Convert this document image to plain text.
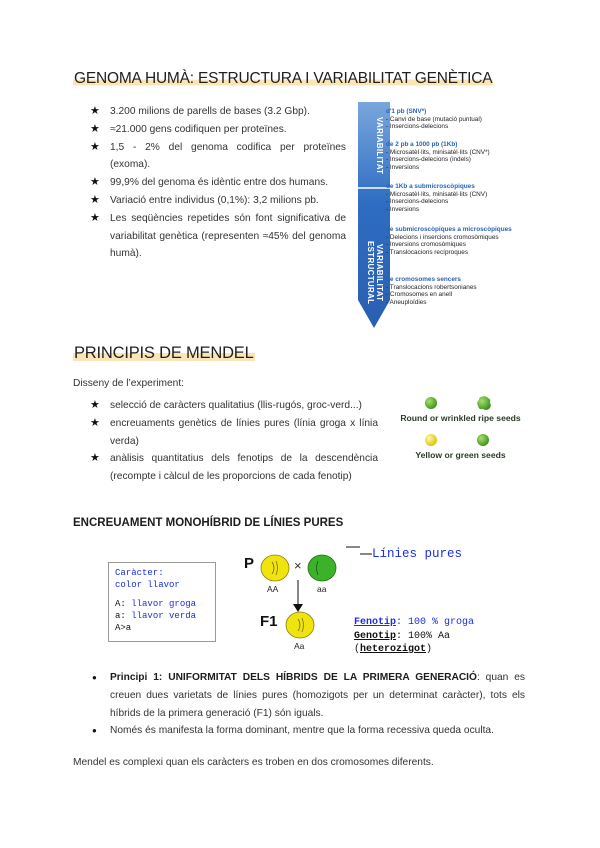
GENOMA HUMÀ: ESTRUCTURA I VARIABILITAT GENÈTICA
★ 3.200 milions de parells de bases (3.2 Gbp).
★ ≈21.000 gens codifiquen per proteïnes.
★ 1,5 - 2% del genoma codifica per proteïnes (exoma).
★ 99,9% del genoma és idèntic entre dos humans.
★ Variació entre individus (0,1%): 3,2 milions pb.
★ Les seqüències repetides són font significativa de variabilitat genètica (representen ≈45% del genoma humà).
VARIABILITAT
VARIABILITAT ESTRUCTURAL
d'1 pb (SNV*)
- Canvi de base (mutació puntual)
- Insercions-delecions
de 2 pb a 1000 pb (1Kb)
- Microsatèl·lits, minisatèl·lits (CNV*)
- Insercions-delecions (indels)
- Inversions
de 1Kb a submicroscòpiques
- Microsatèl·lits, minisatèl·lits (CNV)
- Insercions-delecions
- Inversions
de submicroscòpiques a microscòpiques
- Delecions i insercions cromosòmiques
- Inversions cromosòmiques
- Translocacions recíproques
de cromosomes sencers
- Translocacions robertsonianes
- Cromosomes en anell
- Aneuploïdies
PRINCIPIS DE MENDEL
Disseny de l’experiment:
★ selecció de caràcters qualitatius (llis-rugós, groc-verd...)
★ encreuaments genètics de línies pures (línia groga x línia verda)
★ anàlisis quantitatius dels fenotips de la descendència (recompte i càlcul de les proporcions de cada fenotip)
Round or wrinkled ripe seeds
Yellow or green seeds
ENCREUAMENT MONOHÍBRID DE LÍNIES PURES
Caràcter:
color llavor
A: llavor groga
a: llavor verda
A>a
P	×
AA	aa
F1
Aa
Línies pures
Fenotip: 100 % groga
Genotip: 100% Aa
(heterozigot)
● Principi 1: UNIFORMITAT DELS HÍBRIDS DE LA PRIMERA GENERACIÓ: quan es creuen dues varietats de línies pures (homozigots per un determinat caràcter), tots els híbrids de la primera generació (F1) són iguals.
● Només és manifesta la forma dominant, mentre que la forma recessiva queda oculta.
Mendel es complexi quan els caràcters es troben en dos cromosomes diferents.
